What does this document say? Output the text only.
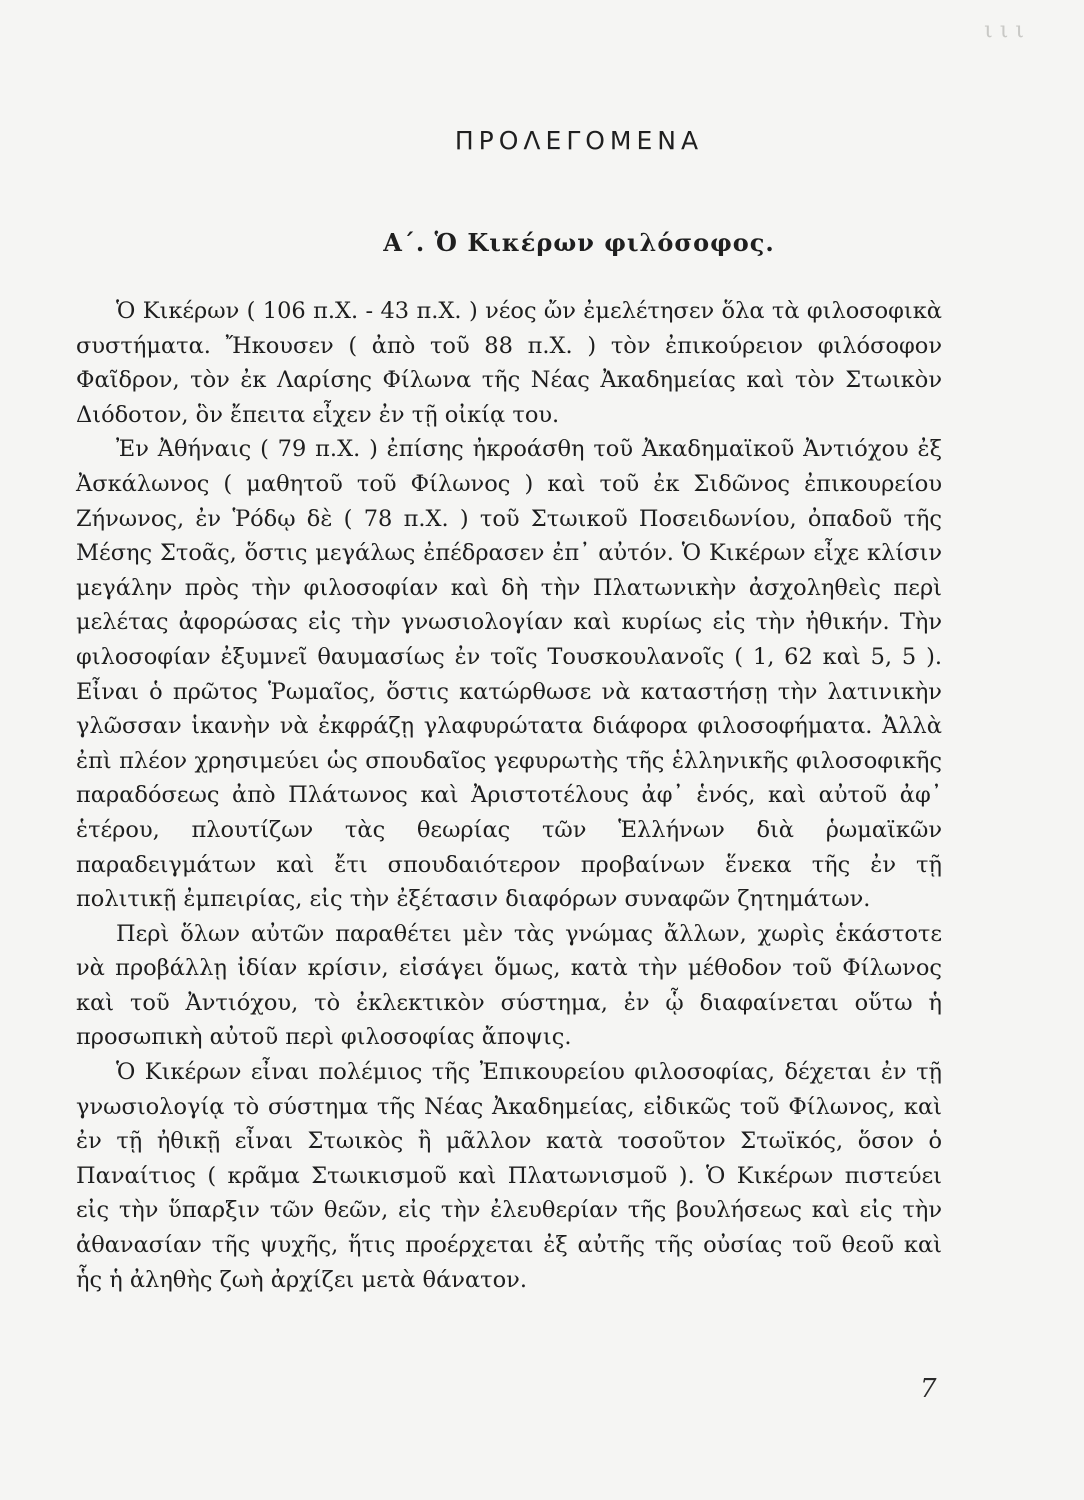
ι ι ι
ΠΡΟΛΕΓΟΜΕΝΑ
Α΄. Ὁ Κικέρων φιλόσοφος.

Ὁ Κικέρων ( 106 π.Χ. - 43 π.Χ. ) νέος ὤν ἐμελέτησεν ὅλα τὰ φιλοσοφικὰ συστήματα. Ἤκουσεν ( ἀπὸ τοῦ 88 π.Χ. ) τὸν ἐπικούρειον φιλόσοφον Φαῖδρον, τὸν ἐκ Λαρίσης Φίλωνα τῆς Νέας Ἀκαδημείας καὶ τὸν Στωικὸν Διόδοτον, ὃν ἔπειτα εἶχεν ἐν τῇ οἰκίᾳ του.

Ἐν Ἀθήναις ( 79 π.Χ. ) ἐπίσης ἠκροάσθη τοῦ Ἀκαδημαϊκοῦ Ἀντιόχου ἐξ Ἀσκάλωνος ( μαθητοῦ τοῦ Φίλωνος ) καὶ τοῦ ἐκ Σιδῶνος ἐπικουρείου Ζήνωνος, ἐν Ῥόδῳ δὲ ( 78 π.Χ. ) τοῦ Στωικοῦ Ποσειδωνίου, ὀπαδοῦ τῆς Μέσης Στοᾶς, ὅστις μεγάλως ἐπέδρασεν ἐπ᾽ αὐτόν. Ὁ Κικέρων εἶχε κλίσιν μεγάλην πρὸς τὴν φιλοσοφίαν καὶ δὴ τὴν Πλατωνικὴν ἀσχοληθεὶς περὶ μελέτας ἀφορώσας εἰς τὴν γνωσιολογίαν καὶ κυρίως εἰς τὴν ἠθικήν. Τὴν φιλοσοφίαν ἐξυμνεῖ θαυμασίως ἐν τοῖς Τουσκουλανοῖς ( 1, 62 καὶ 5, 5 ). Εἶναι ὁ πρῶτος Ῥωμαῖος, ὅστις κατώρθωσε νὰ καταστήσῃ τὴν λατινικὴν γλῶσσαν ἱκανὴν νὰ ἐκφράζῃ γλαφυρώτατα διάφορα φιλοσοφήματα. Ἀλλὰ ἐπὶ πλέον χρησιμεύει ὡς σπουδαῖος γεφυρωτὴς τῆς ἑλληνικῆς φιλοσοφικῆς παραδόσεως ἀπὸ Πλάτωνος καὶ Ἀριστοτέλους ἀφ᾽ ἑνός, καὶ αὐτοῦ ἀφ᾽ ἑτέρου, πλουτίζων τὰς θεωρίας τῶν Ἑλλήνων διὰ ῥωμαϊκῶν παραδειγμάτων καὶ ἔτι σπουδαιότερον προβαίνων ἕνεκα τῆς ἐν τῇ πολιτικῇ ἐμπειρίας, εἰς τὴν ἐξέτασιν διαφόρων συναφῶν ζητημάτων.

Περὶ ὅλων αὐτῶν παραθέτει μὲν τὰς γνώμας ἄλλων, χωρὶς ἑκάστοτε νὰ προβάλλῃ ἰδίαν κρίσιν, εἰσάγει ὅμως, κατὰ τὴν μέθοδον τοῦ Φίλωνος καὶ τοῦ Ἀντιόχου, τὸ ἐκλεκτικὸν σύστημα, ἐν ᾧ διαφαίνεται οὕτω ἡ προσωπικὴ αὐτοῦ περὶ φιλοσοφίας ἄποψις.

Ὁ Κικέρων εἶναι πολέμιος τῆς Ἐπικουρείου φιλοσοφίας, δέχεται ἐν τῇ γνωσιολογίᾳ τὸ σύστημα τῆς Νέας Ἀκαδημείας, εἰδικῶς τοῦ Φίλωνος, καὶ ἐν τῇ ἠθικῇ εἶναι Στωικὸς ἢ μᾶλλον κατὰ τοσοῦτον Στωϊκός, ὅσον ὁ Παναίτιος ( κρᾶμα Στωικισμοῦ καὶ Πλατωνισμοῦ ). Ὁ Κικέρων πιστεύει εἰς τὴν ὕπαρξιν τῶν θεῶν, εἰς τὴν ἐλευθερίαν τῆς βουλήσεως καὶ εἰς τὴν ἀθανασίαν τῆς ψυχῆς, ἥτις προέρχεται ἐξ αὐτῆς τῆς οὐσίας τοῦ θεοῦ καὶ ἧς ἡ ἀληθὴς ζωὴ ἀρχίζει μετὰ θάνατον.

7
